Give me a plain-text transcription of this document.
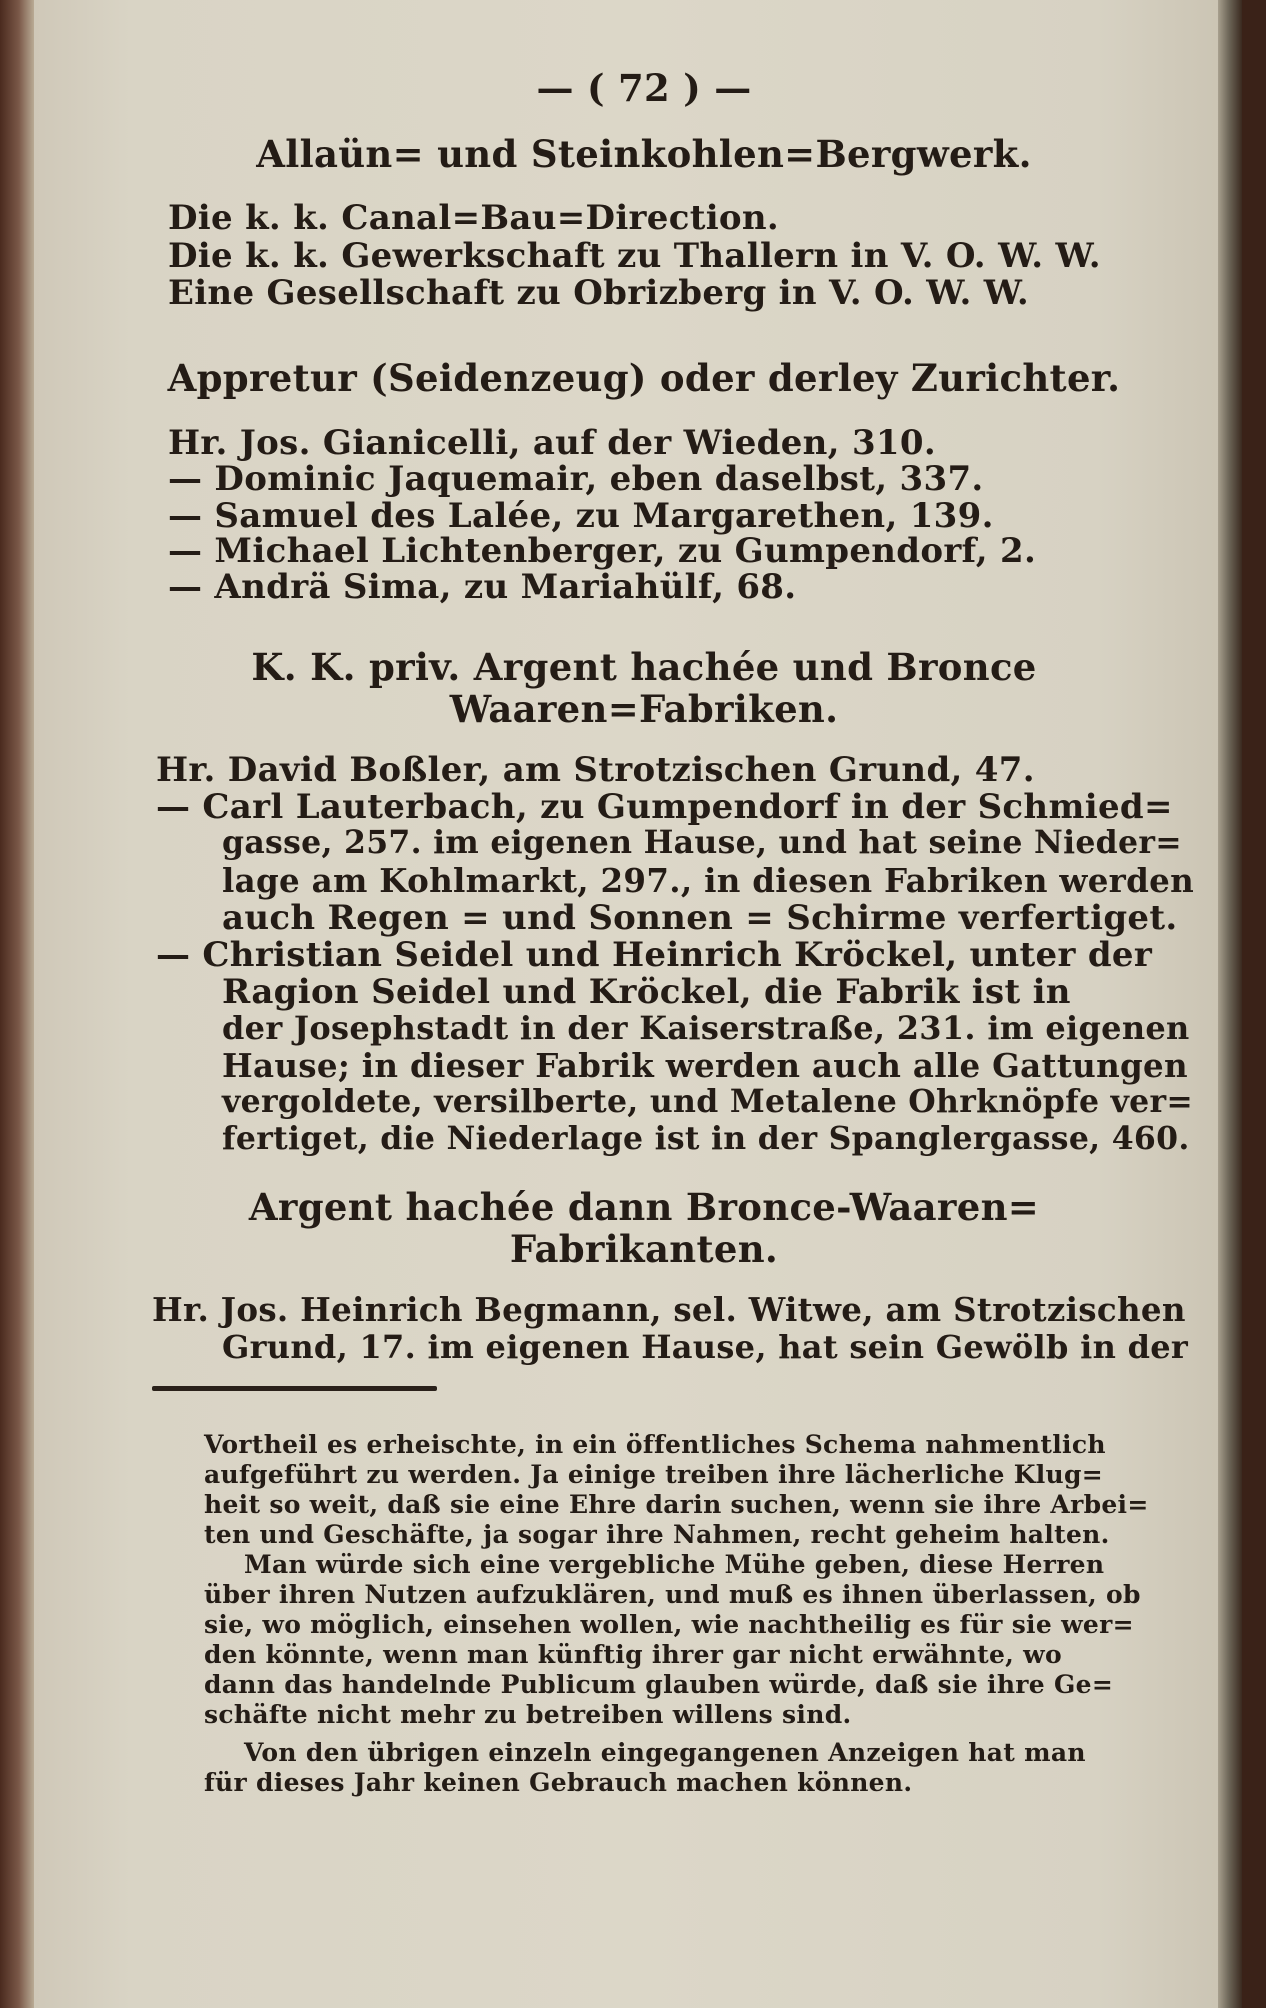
— ( 72 ) —
Allaün= und Steinkohlen=Bergwerk.
Die k. k. Canal=Bau=Direction.
Die k. k. Gewerkschaft zu Thallern in V. O. W. W.
Eine Gesellschaft zu Obrizberg in V. O. W. W.
Appretur (Seidenzeug) oder derley Zurichter.
Hr. Jos. Gianicelli, auf der Wieden, 310.
— Dominic Jaquemair, eben daselbst, 337.
— Samuel des Lalée, zu Margarethen, 139.
— Michael Lichtenberger, zu Gumpendorf, 2.
— Andrä Sima, zu Mariahülf, 68.
K. K. priv. Argent hachée und Bronce
Waaren=Fabriken.
Hr. David Boßler, am Strotzischen Grund, 47.
— Carl Lauterbach, zu Gumpendorf in der Schmied=
gasse, 257. im eigenen Hause, und hat seine Nieder=
lage am Kohlmarkt, 297., in diesen Fabriken werden
auch Regen = und Sonnen = Schirme verfertiget.
— Christian Seidel und Heinrich Kröckel, unter der
Ragion Seidel und Kröckel, die Fabrik ist in
der Josephstadt in der Kaiserstraße, 231. im eigenen
Hause; in dieser Fabrik werden auch alle Gattungen
vergoldete, versilberte, und Metalene Ohrknöpfe ver=
fertiget, die Niederlage ist in der Spanglergasse, 460.
Argent hachée dann Bronce-Waaren=
Fabrikanten.
Hr. Jos. Heinrich Begmann, sel. Witwe, am Strotzischen
Grund, 17. im eigenen Hause, hat sein Gewölb in der
Vortheil es erheischte, in ein öffentliches Schema nahmentlich
aufgeführt zu werden. Ja einige treiben ihre lächerliche Klug=
heit so weit, daß sie eine Ehre darin suchen, wenn sie ihre Arbei=
ten und Geschäfte, ja sogar ihre Nahmen, recht geheim halten.
Man würde sich eine vergebliche Mühe geben, diese Herren
über ihren Nutzen aufzuklären, und muß es ihnen überlassen, ob
sie, wo möglich, einsehen wollen, wie nachtheilig es für sie wer=
den könnte, wenn man künftig ihrer gar nicht erwähnte, wo
dann das handelnde Publicum glauben würde, daß sie ihre Ge=
schäfte nicht mehr zu betreiben willens sind.
Von den übrigen einzeln eingegangenen Anzeigen hat man
für dieses Jahr keinen Gebrauch machen können.
